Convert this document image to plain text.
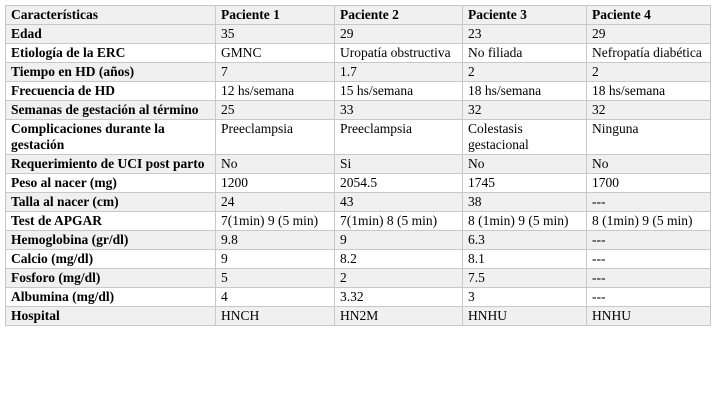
Características	Paciente 1	Paciente 2	Paciente 3	Paciente 4
Edad	35	29	23	29
Etiología de la ERC	GMNC	Uropatía obstructiva	No filiada	Nefropatía diabética
Tiempo en HD (años)	7	1.7	2	2
Frecuencia de HD	12 hs/semana	15 hs/semana	18 hs/semana	18 hs/semana
Semanas de gestación al término	25	33	32	32
Complicaciones durante la gestación	Preeclampsia	Preeclampsia	Colestasis gestacional	Ninguna
Requerimiento de UCI post parto	No	Si	No	No
Peso al nacer (mg)	1200	2054.5	1745	1700
Talla al nacer (cm)	24	43	38	---
Test de APGAR	7(1min) 9 (5 min)	7(1min) 8 (5 min)	8 (1min) 9 (5 min)	8 (1min) 9 (5 min)
Hemoglobina (gr/dl)	9.8	9	6.3	---
Calcio (mg/dl)	9	8.2	8.1	---
Fosforo (mg/dl)	5	2	7.5	---
Albumina (mg/dl)	4	3.32	3	---
Hospital	HNCH	HN2M	HNHU	HNHU
